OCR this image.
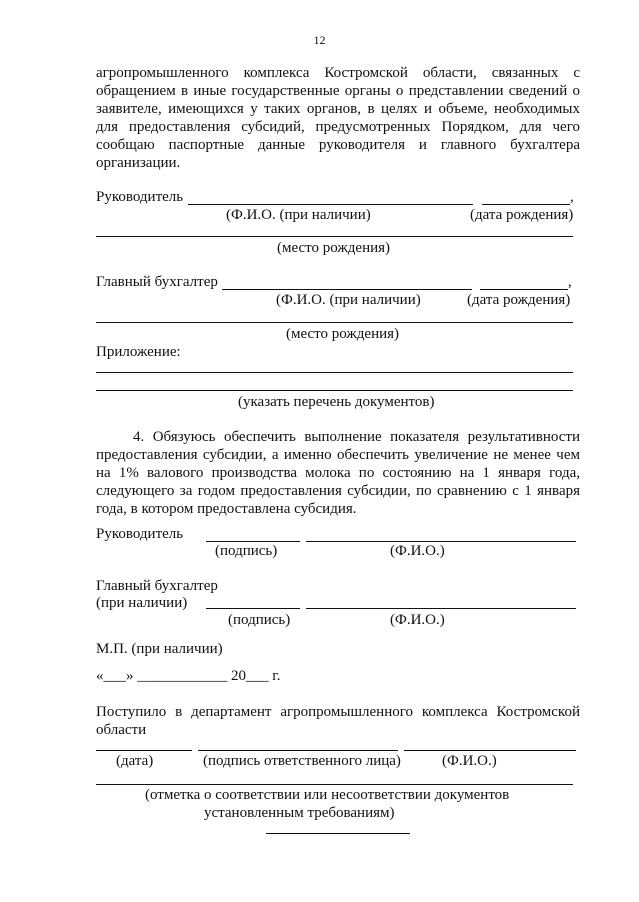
12
агропромышленного комплекса Костромской области, связанных с обращением в иные государственные органы о представлении сведений о заявителе, имеющихся у таких органов, в целях и объеме, необходимых для предоставления субсидий, предусмотренных Порядком, для чего сообщаю паспортные данные руководителя и главного бухгалтера организации.
Руководитель	,
(Ф.И.О. (при наличии)	(дата рождения)
(место рождения)
Главный бухгалтер	,
(Ф.И.О. (при наличии)	(дата рождения)
(место рождения)
Приложение:
(указать перечень документов)
4. Обязуюсь обеспечить выполнение показателя результативности предоставления субсидии, а именно обеспечить увеличение не менее чем на 1% валового производства молока по состоянию на 1 января года, следующего за годом предоставления субсидии, по сравнению с 1 января года, в котором предоставлена субсидия.
Руководитель
(подпись)	(Ф.И.О.)
Главный бухгалтер
(при наличии)
(подпись)	(Ф.И.О.)
М.П. (при наличии)
«___» ____________ 20___ г.
Поступило в департамент агропромышленного комплекса Костромской области
(дата)	(подпись ответственного лица)	(Ф.И.О.)
(отметка о соответствии или несоответствии документов
установленным требованиям)
